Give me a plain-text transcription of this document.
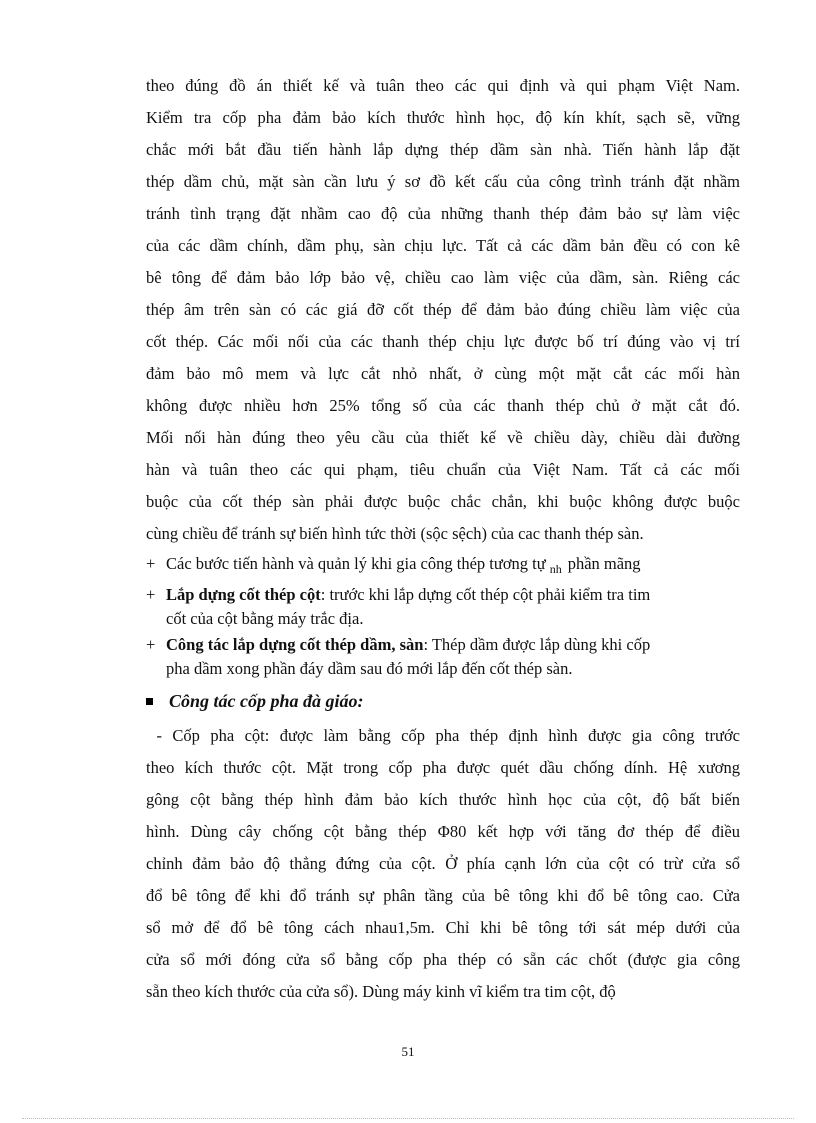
theo đúng đồ án thiết kế và tuân theo các qui định và qui phạm Việt Nam.
Kiểm tra cốp pha đảm bảo kích thước hình học, độ kín khít, sạch sẽ, vững
chắc mới bắt đầu tiến hành lắp dựng thép dầm sàn nhà. Tiến hành lắp đặt
thép dầm chủ, mặt sàn cần lưu ý sơ đồ kết cấu của công trình tránh đặt nhầm
tránh tình trạng đặt nhầm cao độ của những thanh thép đảm bảo sự làm việc
của các dầm chính, dầm phụ, sàn chịu lực. Tất cả các dầm bản đều có con kê
bê tông để đảm bảo lớp bảo vệ, chiều cao làm việc của dầm, sàn. Riêng các
thép âm trên sàn có các giá đỡ cốt thép để đảm bảo đúng chiều làm việc của
cốt thép. Các mối nối của các thanh thép chịu lực được bố trí đúng vào vị trí
đảm bảo mô mem và lực cắt nhỏ nhất, ở cùng một mặt cắt các mối hàn
không được nhiều hơn 25% tổng số của các thanh thép chủ ở mặt cắt đó.
Mối nối hàn đúng theo yêu cầu của thiết kế về chiều dày, chiều dài đường
hàn và tuân theo các qui phạm, tiêu chuẩn của Việt Nam. Tất cả các mối
buộc của cốt thép sàn phải được buộc chắc chắn, khi buộc không được buộc
cùng chiều để tránh sự biến hình tức thời (sộc sệch) của cac thanh thép sàn.

+ Các bước tiến hành và quản lý khi gia công thép tương tự $_{nh}$ phần mãng
+ Lắp dựng cốt thép cột: trước khi lắp dựng cốt thép cột phải kiểm tra tim
cốt của cột bằng máy trắc địa.
+ Công tác lắp dựng cốt thép dầm, sàn: Thép dầm được lắp dùng khi cốp
pha dầm xong phần đáy dầm sau đó mới lắp đến cốt thép sàn.
Công tác cốp pha đà giáo:

- Cốp pha cột: được làm bằng cốp pha thép định hình được gia công trước
theo kích thước cột. Mặt trong cốp pha được quét dầu chống dính. Hệ xương
gông cột bằng thép hình đảm bảo kích thước hình học của cột, độ bất biến
hình. Dùng cây chống cột bằng thép Φ80 kết hợp với tăng đơ thép để điều
chỉnh đảm bảo độ thẳng đứng của cột. Ở phía cạnh lớn của cột có trừ cửa sổ
đổ bê tông để khi đổ tránh sự phân tầng của bê tông khi đổ bê tông cao. Cửa
sổ mở để đổ bê tông cách nhau1,5m. Chỉ khi bê tông tới sát mép dưới của
cửa sổ mới đóng cửa sổ bằng cốp pha thép có sẵn các chốt (được gia công
sẵn theo kích thước của cửa sổ). Dùng máy kinh vĩ kiểm tra tim cột, độ

51
